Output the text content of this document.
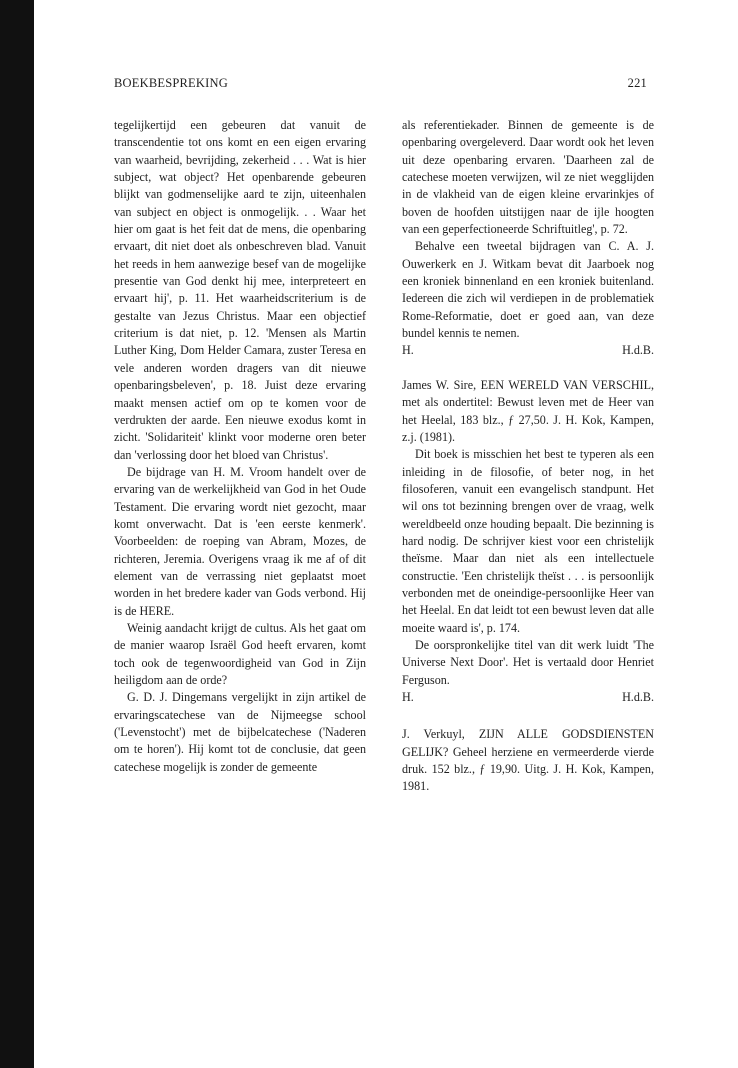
BOEKBESPREKING	221

tegelijkertijd een gebeuren dat vanuit de transcendentie tot ons komt en een eigen ervaring van waarheid, bevrijding, zekerheid . . . Wat is hier subject, wat object? Het openbarende gebeuren blijkt van godmenselijke aard te zijn, uiteenhalen van subject en object is onmogelijk. . . Waar het hier om gaat is het feit dat de mens, die openbaring ervaart, dit niet doet als onbeschreven blad. Vanuit het reeds in hem aanwezige besef van de mogelijke presentie van God denkt hij mee, interpreteert en ervaart hij', p. 11. Het waarheidscriterium is de gestalte van Jezus Christus. Maar een objectief criterium is dat niet, p. 12. 'Mensen als Martin Luther King, Dom Helder Camara, zuster Teresa en vele anderen worden dragers van dit nieuwe openbaringsbeleven', p. 18. Juist deze ervaring maakt mensen actief om op te komen voor de verdrukten der aarde. Een nieuwe exodus komt in zicht. 'Solidariteit' klinkt voor moderne oren beter dan 'verlossing door het bloed van Christus'.

De bijdrage van H. M. Vroom handelt over de ervaring van de werkelijkheid van God in het Oude Testament. Die ervaring wordt niet gezocht, maar komt onverwacht. Dat is 'een eerste kenmerk'. Voorbeelden: de roeping van Abram, Mozes, de richteren, Jeremia. Overigens vraag ik me af of dit element van de verrassing niet geplaatst moet worden in het bredere kader van Gods verbond. Hij is de HERE.

Weinig aandacht krijgt de cultus. Als het gaat om de manier waarop Israël God heeft ervaren, komt toch ook de tegenwoordigheid van God in Zijn heiligdom aan de orde?

G. D. J. Dingemans vergelijkt in zijn artikel de ervaringscatechese van de Nijmeegse school ('Levenstocht') met de bijbelcatechese ('Naderen om te horen'). Hij komt tot de conclusie, dat geen catechese mogelijk is zonder de gemeente

als referentiekader. Binnen de gemeente is de openbaring overgeleverd. Daar wordt ook het leven uit deze openbaring ervaren. 'Daarheen zal de catechese moeten verwijzen, wil ze niet wegglijden in de vlakheid van de eigen kleine ervarinkjes of boven de hoofden uitstijgen naar de ijle hoogten van een geperfectioneerde Schriftuitleg', p. 72.

Behalve een tweetal bijdragen van C. A. J. Ouwerkerk en J. Witkam bevat dit Jaarboek nog een kroniek binnenland en een kroniek buitenland. Iedereen die zich wil verdiepen in de problematiek Rome-Reformatie, doet er goed aan, van deze bundel kennis te nemen.

H.	H.d.B.

James W. Sire, EEN WERELD VAN VERSCHIL, met als ondertitel: Bewust leven met de Heer van het Heelal, 183 blz., ƒ 27,50. J. H. Kok, Kampen, z.j. (1981).

Dit boek is misschien het best te typeren als een inleiding in de filosofie, of beter nog, in het filosoferen, vanuit een evangelisch standpunt. Het wil ons tot bezinning brengen over de vraag, welk wereldbeeld onze houding bepaalt. Die bezinning is hard nodig. De schrijver kiest voor een christelijk theïsme. Maar dan niet als een intellectuele constructie. 'Een christelijk theïst . . . is persoonlijk verbonden met de oneindige-persoonlijke Heer van het Heelal. En dat leidt tot een bewust leven dat alle moeite waard is', p. 174.

De oorspronkelijke titel van dit werk luidt 'The Universe Next Door'. Het is vertaald door Henriet Ferguson.

H.	H.d.B.

J. Verkuyl, ZIJN ALLE GODSDIENSTEN GELIJK? Geheel herziene en vermeerderde vierde druk. 152 blz., ƒ 19,90. Uitg. J. H. Kok, Kampen, 1981.
